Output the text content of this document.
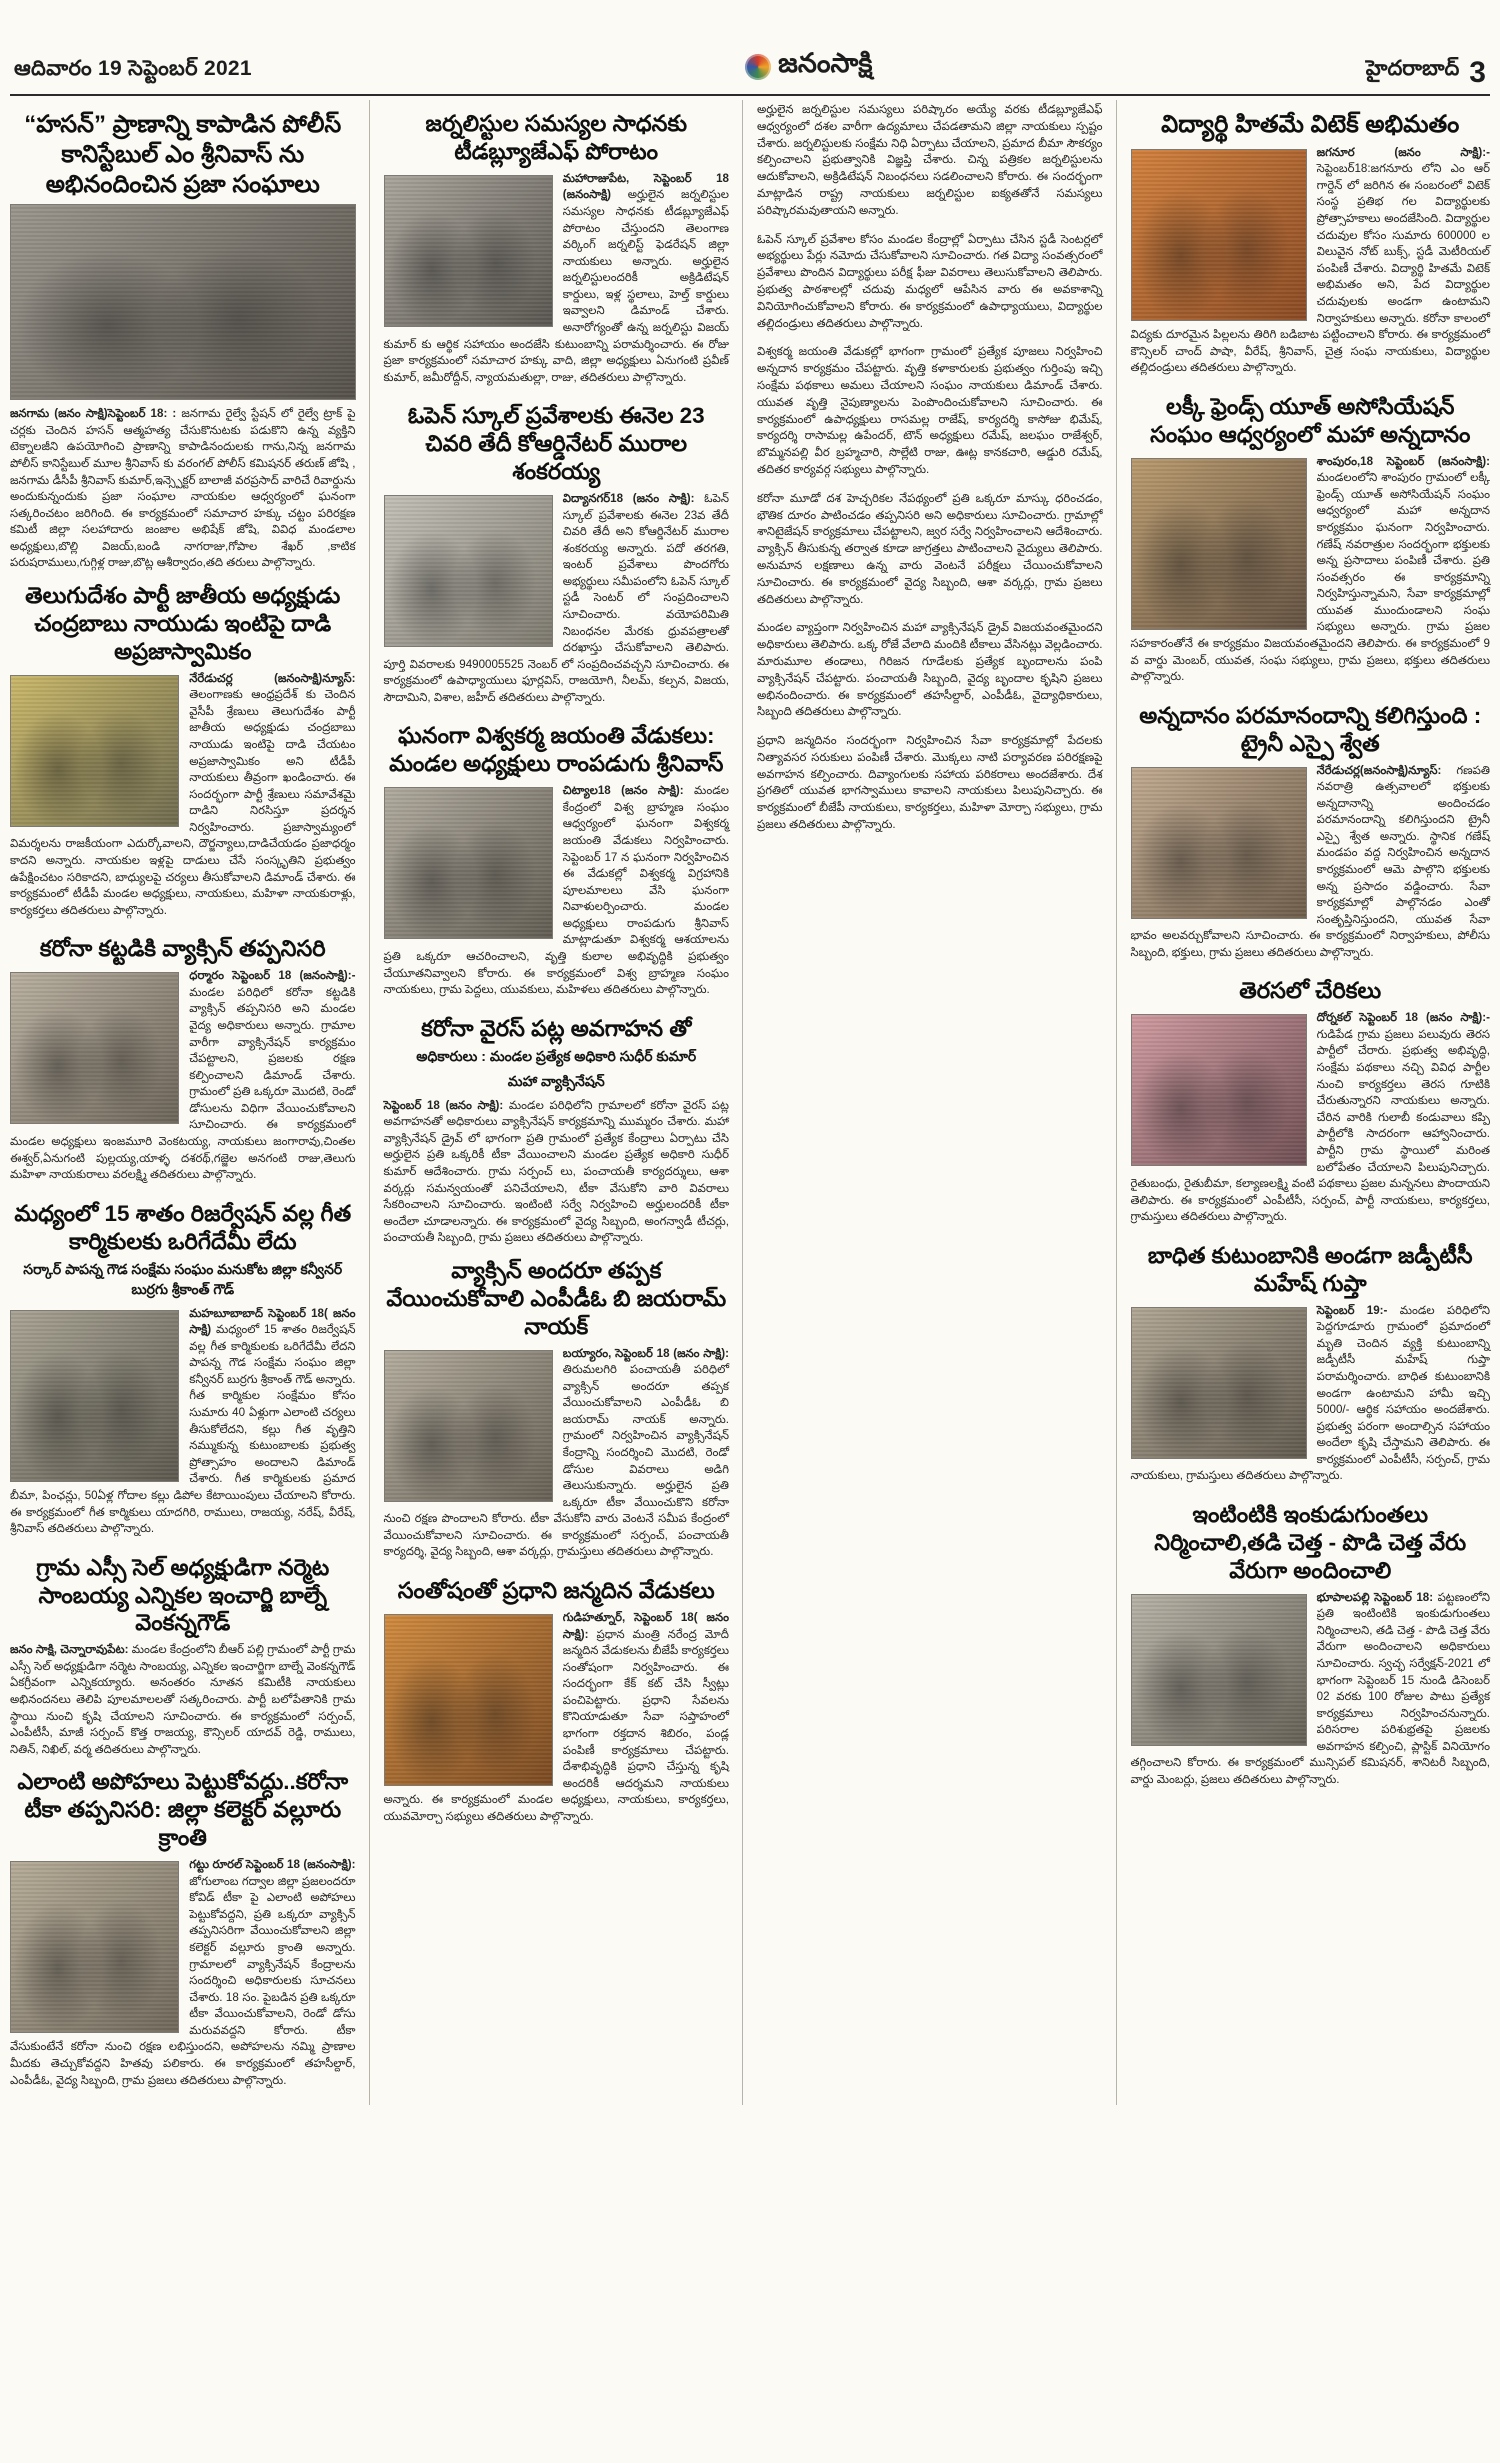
ఆదివారం 19 సెప్టెంబర్ 2021	జనంసాక్షి	హైదరాబాద్ 3
“హసన్” ప్రాణాన్ని కాపాడిన పోలీస్ కానిస్టేబుల్ ఎం శ్రీనివాస్ ను అభినందించిన ప్రజా సంఘాలు

జనగామ (జనం సాక్షి)సెప్టెంబర్ 18: : జనగామ రైల్వే స్టేషన్ లో రైల్వే ట్రాక్ పై చర్లకు చెందిన హసన్ ఆత్మహత్య చేసుకొనుటకు పడుకొని ఉన్న వ్యక్తిని టెక్నాలజీని ఉపయోగించి ప్రాణాన్ని కాపాడినందులకు గాను,నిన్న జనగామ పోలీస్ కానిస్టేబుల్ మూల శ్రీనివాస్ కు వరంగల్ పోలీస్ కమిషనర్ తరుణ్ జోషి , జనగామ డీసీపీ శ్రీనివాస్ కుమార్,ఇన్స్పెక్టర్ బాలాజీ వరప్రసాద్ వారిచే రివార్డును అందుకున్నందుకు ప్రజా సంఘాల నాయకుల ఆధ్వర్యంలో ఘనంగా సత్కరించటం జరిగింది. ఈ కార్యక్రమంలో సమాచార హక్కు చట్టం పరిరక్షణ కమిటీ జిల్లా సలహాదారు జంజాల అభిషేక్ జోషి, వివిధ మండలాల అధ్యక్షులు,బొల్లి విజయ్,బండి నాగరాజు,గోపాల శేఖర్ ,కాటిక పరుషరాములు,గుగ్గిళ్ల రాజు,బొట్ల ఆశీర్వాదం,తది తరులు పాల్గొన్నారు.

తెలుగుదేశం పార్టీ జాతీయ అధ్యక్షుడు చంద్రబాబు నాయుడు ఇంటిపై దాడి అప్రజాస్వామికం

నేరేడుచర్ల (జనంసాక్షి)న్యూస్: తెలంగాణకు ఆంధ్రప్రదేశ్ కు చెందిన వైసీపీ శ్రేణులు తెలుగుదేశం పార్టీ జాతీయ అధ్యక్షుడు చంద్రబాబు నాయుడు ఇంటిపై దాడి చేయటం అప్రజాస్వామికం అని టీడీపీ నాయకులు తీవ్రంగా ఖండించారు. ఈ సందర్భంగా పార్టీ శ్రేణులు సమావేశమై దాడిని నిరసిస్తూ ప్రదర్శన నిర్వహించారు. ప్రజాస్వామ్యంలో విమర్శలను రాజకీయంగా ఎదుర్కోవాలని, దౌర్జన్యాలు,దాడిచేయడం ప్రజాధర్మం కాదని అన్నారు. నాయకుల ఇళ్లపై దాడులు చేసే సంస్కృతిని ప్రభుత్వం ఉపేక్షించటం సరికాదని, బాధ్యులపై చర్యలు తీసుకోవాలని డిమాండ్ చేశారు. ఈ కార్యక్రమంలో టీడీపీ మండల అధ్యక్షులు, నాయకులు, మహిళా నాయకురాళ్లు, కార్యకర్తలు తదితరులు పాల్గొన్నారు.

కరోనా కట్టడికి వ్యాక్సిన్ తప్పనిసరి

ధర్మారం సెప్టెంబర్ 18 (జనంసాక్షి):- మండల పరిధిలో కరోనా కట్టడికి వ్యాక్సిన్ తప్పనిసరి అని మండల వైద్య అధికారులు అన్నారు. గ్రామాల వారీగా వ్యాక్సినేషన్ కార్యక్రమం చేపట్టాలని, ప్రజలకు రక్షణ కల్పించాలని డిమాండ్ చేశారు. గ్రామంలో ప్రతి ఒక్కరూ మొదటి, రెండో డోసులను విధిగా వేయించుకోవాలని సూచించారు. ఈ కార్యక్రమంలో మండల అధ్యక్షులు ఇంజమూరి వెంకటయ్య, నాయకులు జంగారావు,చింతల ఈశ్వర్,ఏనుగంటి పుల్లయ్య,యాళ్ళ దశరథ్,గజ్జెల అనగంటి రాజు,తెలుగు మహిళా నాయకురాలు వరలక్ష్మి తదితరులు పాల్గొన్నారు.

మధ్యంలో 15 శాతం రిజర్వేషన్ వల్ల గీత కార్మికులకు ఒరిగేదేమీ లేదు
సర్కార్ పాపన్న గౌడ సంక్షేమ సంఘం మనుకోట జిల్లా కన్వీనర్ బుర్రగు శ్రీకాంత్ గౌడ్

మహబూబాబాద్ సెప్టెంబర్ 18( జనం సాక్షి) మధ్యంలో 15 శాతం రిజర్వేషన్ వల్ల గీత కార్మికులకు ఒరిగేదేమీ లేదని పాపన్న గౌడ సంక్షేమ సంఘం జిల్లా కన్వీనర్ బుర్రగు శ్రీకాంత్ గౌడ్ అన్నారు. గీత కార్మికుల సంక్షేమం కోసం సుమారు 40 ఏళ్లుగా ఎలాంటి చర్యలు తీసుకోలేదని, కల్లు గీత వృత్తిని నమ్ముకున్న కుటుంబాలకు ప్రభుత్వ ప్రోత్సాహం అందాలని డిమాండ్ చేశారు. గీత కార్మికులకు ప్రమాద బీమా, పింఛన్లు, 50ఏళ్ల గోదాల కల్లు డిపోల కేటాయింపులు చేయాలని కోరారు. ఈ కార్యక్రమంలో గీత కార్మికులు యాదగిరి, రాములు, రాజయ్య, నరేష్, వీరేష్, శ్రీనివాస్ తదితరులు పాల్గొన్నారు.

గ్రామ ఎస్సీ సెల్ అధ్యక్షుడిగా నర్మెట సాంబయ్య ఎన్నికల ఇంచార్జి బాల్నే వెంకన్నగౌడ్

జనం సాక్షి, చెన్నారావుపేట: మండల కేంద్రంలోని బీఆర్ పల్లి గ్రామంలో పార్టీ గ్రామ ఎస్సీ సెల్ అధ్యక్షుడిగా నర్మెట సాంబయ్య, ఎన్నికల ఇంచార్జిగా బాల్నే వెంకన్నగౌడ్ ఏకగ్రీవంగా ఎన్నికయ్యారు. అనంతరం నూతన కమిటీకి నాయకులు అభినందనలు తెలిపి పూలమాలలతో సత్కరించారు. పార్టీ బలోపేతానికి గ్రామ స్థాయి నుంచి కృషి చేయాలని సూచించారు. ఈ కార్యక్రమంలో సర్పంచ్, ఎంపీటీసీ, మాజీ సర్పంచ్ కొత్త రాజయ్య, కౌన్సిలర్ యాదవ్ రెడ్డి, రాములు, నితిన్, నిఖిల్, వర్మ తదితరులు పాల్గొన్నారు.

ఎలాంటి అపోహలు పెట్టుకోవద్దు..కరోనా టీకా తప్పనిసరి: జిల్లా కలెక్టర్ వల్లూరు క్రాంతి

గట్టు రూరల్ సెప్టెంబర్ 18 (జనంసాక్షి): జోగులాంబ గద్వాల జిల్లా ప్రజలందరూ కోవిడ్ టీకా పై ఎలాంటి అపోహలు పెట్టుకోవద్దని, ప్రతి ఒక్కరూ వ్యాక్సిన్ తప్పనిసరిగా వేయించుకోవాలని జిల్లా కలెక్టర్ వల్లూరు క్రాంతి అన్నారు. గ్రామాలలో వ్యాక్సినేషన్ కేంద్రాలను సందర్శించి అధికారులకు సూచనలు చేశారు. 18 సం. పైబడిన ప్రతి ఒక్కరూ టీకా వేయించుకోవాలని, రెండో డోసు మరువవద్దని కోరారు. టీకా వేసుకుంటేనే కరోనా నుంచి రక్షణ లభిస్తుందని, అపోహలను నమ్మి ప్రాణాల మీదకు తెచ్చుకోవద్దని హితవు పలికారు. ఈ కార్యక్రమంలో తహసీల్దార్, ఎంపీడీఓ, వైద్య సిబ్బంది, గ్రామ ప్రజలు తదితరులు పాల్గొన్నారు.

జర్నలిస్టుల సమస్యల సాధనకు టీడబ్ల్యూజేఎఫ్ పోరాటం

మహారాజుపేట, సెప్టెంబర్ 18 (జనంసాక్షి) అర్హులైన జర్నలిస్టుల సమస్యల సాధనకు టీడబ్ల్యూజేఎఫ్ పోరాటం చేస్తుందని తెలంగాణ వర్కింగ్ జర్నలిస్ట్ ఫెడరేషన్ జిల్లా నాయకులు అన్నారు. అర్హులైన జర్నలిస్టులందరికీ అక్రిడిటేషన్ కార్డులు, ఇళ్ల స్థలాలు, హెల్త్ కార్డులు ఇవ్వాలని డిమాండ్ చేశారు. అనారోగ్యంతో ఉన్న జర్నలిస్టు విజయ్ కుమార్ కు ఆర్థిక సహాయం అందజేసి కుటుంబాన్ని పరామర్శించారు. ఈ రోజు ప్రజా కార్యక్రమంలో సమాచార హక్కు వాది, జిల్లా అధ్యక్షులు ఏనుగంటి ప్రవీణ్ కుమార్, జమీరోద్దీన్, న్యాయమతుల్లా, రాజు, తదితరులు పాల్గొన్నారు.

ఓపెన్ స్కూల్ ప్రవేశాలకు ఈనెల 23 చివరి తేదీ కోఆర్డినేటర్ మురాల శంకరయ్య

విద్యానగర్18 (జనం సాక్షి): ఓపెన్ స్కూల్ ప్రవేశాలకు ఈనెల 23వ తేదీ చివరి తేదీ అని కోఆర్డినేటర్ మురాల శంకరయ్య అన్నారు. పదో తరగతి, ఇంటర్ ప్రవేశాలు పొందగోరు అభ్యర్థులు సమీపంలోని ఓపెన్ స్కూల్ స్టడీ సెంటర్ లో సంప్రదించాలని సూచించారు. వయోపరిమితి నిబంధనల మేరకు ధ్రువపత్రాలతో దరఖాస్తు చేసుకోవాలని తెలిపారు. పూర్తి వివరాలకు 9490005525 నెంబర్ లో సంప్రదించవచ్చని సూచించారు. ఈ కార్యక్రమంలో ఉపాధ్యాయులు ఫూర్లవిస్, రాజయోగి, నీలమ్, కల్పన, విజయ, సౌదామిని, విశాల, జహీద్ తదితరులు పాల్గొన్నారు.

ఘనంగా విశ్వకర్మ జయంతి వేడుకలు: మండల అధ్యక్షులు రాంపడుగు శ్రీనివాస్

చిట్యాల18 (జనం సాక్షి): మండల కేంద్రంలో విశ్వ బ్రాహ్మణ సంఘం ఆధ్వర్యంలో ఘనంగా విశ్వకర్మ జయంతి వేడుకలు నిర్వహించారు. సెప్టెంబర్ 17 న ఘనంగా నిర్వహించిన ఈ వేడుకల్లో విశ్వకర్మ విగ్రహానికి పూలమాలలు వేసి ఘనంగా నివాళులర్పించారు. మండల అధ్యక్షులు రాంపడుగు శ్రీనివాస్ మాట్లాడుతూ విశ్వకర్మ ఆశయాలను ప్రతి ఒక్కరూ ఆచరించాలని, వృత్తి కులాల అభివృద్ధికి ప్రభుత్వం చేయూతనివ్వాలని కోరారు. ఈ కార్యక్రమంలో విశ్వ బ్రాహ్మణ సంఘం నాయకులు, గ్రామ పెద్దలు, యువకులు, మహిళలు తదితరులు పాల్గొన్నారు.

కరోనా వైరస్ పట్ల అవగాహన తో
అధికారులు : మండల ప్రత్యేక అధికారి సుధీర్ కుమార్
మహా వ్యాక్సినేషన్

సెప్టెంబర్ 18 (జనం సాక్షి): మండల పరిధిలోని గ్రామాలలో కరోనా వైరస్ పట్ల అవగాహనతో అధికారులు వ్యాక్సినేషన్ కార్యక్రమాన్ని ముమ్మరం చేశారు. మహా వ్యాక్సినేషన్ డ్రైవ్ లో భాగంగా ప్రతి గ్రామంలో ప్రత్యేక కేంద్రాలు ఏర్పాటు చేసి అర్హులైన ప్రతి ఒక్కరికీ టీకా వేయించాలని మండల ప్రత్యేక అధికారి సుధీర్ కుమార్ ఆదేశించారు. గ్రామ సర్పంచ్ లు, పంచాయతీ కార్యదర్శులు, ఆశా వర్కర్లు సమన్వయంతో పనిచేయాలని, టీకా వేసుకోని వారి వివరాలు సేకరించాలని సూచించారు. ఇంటింటి సర్వే నిర్వహించి అర్హులందరికీ టీకా అందేలా చూడాలన్నారు. ఈ కార్యక్రమంలో వైద్య సిబ్బంది, అంగన్వాడీ టీచర్లు, పంచాయతీ సిబ్బంది, గ్రామ ప్రజలు తదితరులు పాల్గొన్నారు.

వ్యాక్సిన్ అందరూ తప్పక వేయించుకోవాలి ఎంపీడీఓ బి జయరామ్ నాయక్

బయ్యారం, సెప్టెంబర్ 18 (జనం సాక్షి): తిరుమలగిరి పంచాయతీ పరిధిలో వ్యాక్సిన్ అందరూ తప్పక వేయించుకోవాలని ఎంపీడీఓ బి జయరామ్ నాయక్ అన్నారు. గ్రామంలో నిర్వహించిన వ్యాక్సినేషన్ కేంద్రాన్ని సందర్శించి మొదటి, రెండో డోసుల వివరాలు అడిగి తెలుసుకున్నారు. అర్హులైన ప్రతి ఒక్కరూ టీకా వేయించుకొని కరోనా నుంచి రక్షణ పొందాలని కోరారు. టీకా వేసుకోని వారు వెంటనే సమీప కేంద్రంలో వేయించుకోవాలని సూచించారు. ఈ కార్యక్రమంలో సర్పంచ్, పంచాయతీ కార్యదర్శి, వైద్య సిబ్బంది, ఆశా వర్కర్లు, గ్రామస్తులు తదితరులు పాల్గొన్నారు.

సంతోషంతో ప్రధాని జన్మదిన వేడుకలు

గుడిహత్నూర్, సెప్టెంబర్ 18( జనం సాక్షి): ప్రధాన మంత్రి నరేంద్ర మోదీ జన్మదిన వేడుకలను బీజేపీ కార్యకర్తలు సంతోషంగా నిర్వహించారు. ఈ సందర్భంగా కేక్ కట్ చేసి స్వీట్లు పంచిపెట్టారు. ప్రధాని సేవలను కొనియాడుతూ సేవా సప్తాహంలో భాగంగా రక్తదాన శిబిరం, పండ్ల పంపిణీ కార్యక్రమాలు చేపట్టారు. దేశాభివృద్ధికి ప్రధాని చేస్తున్న కృషి అందరికీ ఆదర్శమని నాయకులు అన్నారు. ఈ కార్యక్రమంలో మండల అధ్యక్షులు, నాయకులు, కార్యకర్తలు, యువమోర్చా సభ్యులు తదితరులు పాల్గొన్నారు.

అర్హులైన జర్నలిస్టుల సమస్యలు పరిష్కారం అయ్యే వరకు టీడబ్ల్యూజేఎఫ్ ఆధ్వర్యంలో దశల వారీగా ఉద్యమాలు చేపడతామని జిల్లా నాయకులు స్పష్టం చేశారు. జర్నలిస్టులకు సంక్షేమ నిధి ఏర్పాటు చేయాలని, ప్రమాద బీమా సౌకర్యం కల్పించాలని ప్రభుత్వానికి విజ్ఞప్తి చేశారు. చిన్న పత్రికల జర్నలిస్టులను ఆదుకోవాలని, అక్రిడిటేషన్ నిబంధనలు సడలించాలని కోరారు. ఈ సందర్భంగా మాట్లాడిన రాష్ట్ర నాయకులు జర్నలిస్టుల ఐక్యతతోనే సమస్యలు పరిష్కారమవుతాయని అన్నారు.

ఓపెన్ స్కూల్ ప్రవేశాల కోసం మండల కేంద్రాల్లో ఏర్పాటు చేసిన స్టడీ సెంటర్లలో అభ్యర్థులు పేర్లు నమోదు చేసుకోవాలని సూచించారు. గత విద్యా సంవత్సరంలో ప్రవేశాలు పొందిన విద్యార్థులు పరీక్ష ఫీజు వివరాలు తెలుసుకోవాలని తెలిపారు. ప్రభుత్వ పాఠశాలల్లో చదువు మధ్యలో ఆపేసిన వారు ఈ అవకాశాన్ని వినియోగించుకోవాలని కోరారు. ఈ కార్యక్రమంలో ఉపాధ్యాయులు, విద్యార్థుల తల్లిదండ్రులు తదితరులు పాల్గొన్నారు.

విశ్వకర్మ జయంతి వేడుకల్లో భాగంగా గ్రామంలో ప్రత్యేక పూజలు నిర్వహించి అన్నదాన కార్యక్రమం చేపట్టారు. వృత్తి కళాకారులకు ప్రభుత్వం గుర్తింపు ఇచ్చి సంక్షేమ పథకాలు అమలు చేయాలని సంఘం నాయకులు డిమాండ్ చేశారు. యువత వృత్తి నైపుణ్యాలను పెంపొందించుకోవాలని సూచించారు. ఈ కార్యక్రమంలో ఉపాధ్యక్షులు రాసమల్ల రాజేష్, కార్యదర్శి కాసోజు భిమేష్, కార్యదర్శి రాసామల్ల ఉపేందర్, టౌన్ అధ్యక్షులు రమేష్, జలఘం రాజేశ్వర్, బొమ్మనపల్లి వీర బ్రహ్మచారి, సొల్లేటి రాజు, ఊట్ల కానకచారి, ఆడ్డురి రమేష్, తదితర కార్యవర్గ సభ్యులు పాల్గొన్నారు.

కరోనా మూడో దశ హెచ్చరికల నేపథ్యంలో ప్రతి ఒక్కరూ మాస్కు ధరించడం, భౌతిక దూరం పాటించడం తప్పనిసరి అని అధికారులు సూచించారు. గ్రామాల్లో శానిటైజేషన్ కార్యక్రమాలు చేపట్టాలని, జ్వర సర్వే నిర్వహించాలని ఆదేశించారు. వ్యాక్సిన్ తీసుకున్న తర్వాత కూడా జాగ్రత్తలు పాటించాలని వైద్యులు తెలిపారు. అనుమాన లక్షణాలు ఉన్న వారు వెంటనే పరీక్షలు చేయించుకోవాలని సూచించారు. ఈ కార్యక్రమంలో వైద్య సిబ్బంది, ఆశా వర్కర్లు, గ్రామ ప్రజలు తదితరులు పాల్గొన్నారు.

మండల వ్యాప్తంగా నిర్వహించిన మహా వ్యాక్సినేషన్ డ్రైవ్ విజయవంతమైందని అధికారులు తెలిపారు. ఒక్క రోజే వేలాది మందికి టీకాలు వేసినట్లు వెల్లడించారు. మారుమూల తండాలు, గిరిజన గూడేలకు ప్రత్యేక బృందాలను పంపి వ్యాక్సినేషన్ చేపట్టారు. పంచాయతీ సిబ్బంది, వైద్య బృందాల కృషిని ప్రజలు అభినందించారు. ఈ కార్యక్రమంలో తహసీల్దార్, ఎంపీడీఓ, వైద్యాధికారులు, సిబ్బంది తదితరులు పాల్గొన్నారు.

ప్రధాని జన్మదినం సందర్భంగా నిర్వహించిన సేవా కార్యక్రమాల్లో పేదలకు నిత్యావసర సరుకులు పంపిణీ చేశారు. మొక్కలు నాటి పర్యావరణ పరిరక్షణపై అవగాహన కల్పించారు. దివ్యాంగులకు సహాయ పరికరాలు అందజేశారు. దేశ ప్రగతిలో యువత భాగస్వాములు కావాలని నాయకులు పిలుపునిచ్చారు. ఈ కార్యక్రమంలో బీజేపీ నాయకులు, కార్యకర్తలు, మహిళా మోర్చా సభ్యులు, గ్రామ ప్రజలు తదితరులు పాల్గొన్నారు.

విద్యార్థి హితమే విటెక్ అభిమతం

జగనూర (జనం సాక్షి):- సెప్టెంబర్18:జగనూరు లోని ఎం ఆర్ గార్డెన్ లో జరిగిన ఈ సంబరంలో విటెక్ సంస్థ ప్రతిభ గల విద్యార్థులకు ప్రోత్సాహకాలు అందజేసింది. విద్యార్థుల చదువుల కోసం సుమారు 600000 ల విలువైన నోట్ బుక్స్, స్టడీ మెటీరియల్ పంపిణీ చేశారు. విద్యార్థి హితమే విటెక్ అభిమతం అని, పేద విద్యార్థుల చదువులకు అండగా ఉంటామని నిర్వాహకులు అన్నారు. కరోనా కాలంలో విద్యకు దూరమైన పిల్లలను తిరిగి బడిబాట పట్టించాలని కోరారు. ఈ కార్యక్రమంలో కౌన్సిలర్ చాంద్ పాషా, వీరేష్, శ్రీనివాస్, చైత్ర సంఘ నాయకులు, విద్యార్థుల తల్లిదండ్రులు తదితరులు పాల్గొన్నారు.

లక్కీ ఫ్రెండ్స్ యూత్ అసోసియేషన్ సంఘం ఆధ్వర్యంలో మహా అన్నదానం

శాంపురం,18 సెప్టెంబర్ (జనంసాక్షి): మండలంలోని శాంపురం గ్రామంలో లక్కీ ఫ్రెండ్స్ యూత్ అసోసియేషన్ సంఘం ఆధ్వర్యంలో మహా అన్నదాన కార్యక్రమం ఘనంగా నిర్వహించారు. గణేష్ నవరాత్రుల సందర్భంగా భక్తులకు అన్న ప్రసాదాలు పంపిణీ చేశారు. ప్రతి సంవత్సరం ఈ కార్యక్రమాన్ని నిర్వహిస్తున్నామని, సేవా కార్యక్రమాల్లో యువత ముందుండాలని సంఘ సభ్యులు అన్నారు. గ్రామ ప్రజల సహకారంతోనే ఈ కార్యక్రమం విజయవంతమైందని తెలిపారు. ఈ కార్యక్రమంలో 9 వ వార్డు మెంబర్, యువత, సంఘ సభ్యులు, గ్రామ ప్రజలు, భక్తులు తదితరులు పాల్గొన్నారు.

అన్నదానం పరమానందాన్ని కలిగిస్తుంది : ట్రైనీ ఎస్పై శ్వేత

నేరేడుచర్ల(జనంసాక్షి)న్యూస్: గణపతి నవరాత్రి ఉత్సవాలలో భక్తులకు అన్నదానాన్ని అందించడం పరమానందాన్ని కలిగిస్తుందని ట్రైనీ ఎస్పై శ్వేత అన్నారు. స్థానిక గణేష్ మండపం వద్ద నిర్వహించిన అన్నదాన కార్యక్రమంలో ఆమె పాల్గొని భక్తులకు అన్న ప్రసాదం వడ్డించారు. సేవా కార్యక్రమాల్లో పాల్గొనడం ఎంతో సంతృప్తినిస్తుందని, యువత సేవా భావం అలవర్చుకోవాలని సూచించారు. ఈ కార్యక్రమంలో నిర్వాహకులు, పోలీసు సిబ్బంది, భక్తులు, గ్రామ ప్రజలు తదితరులు పాల్గొన్నారు.

తెరసలో చేరికలు

దోర్నకల్ సెప్టెంబర్ 18 (జనం సాక్షి):- గుడిపేడ గ్రామ ప్రజలు పలువురు తెరస పార్టీలో చేరారు. ప్రభుత్వ అభివృద్ధి, సంక్షేమ పథకాలు నచ్చి వివిధ పార్టీల నుంచి కార్యకర్తలు తెరస గూటికి చేరుతున్నారని నాయకులు అన్నారు. చేరిన వారికి గులాబీ కండువాలు కప్పి పార్టీలోకి సాదరంగా ఆహ్వానించారు. పార్టీని గ్రామ స్థాయిలో మరింత బలోపేతం చేయాలని పిలుపునిచ్చారు. రైతుబంధు, రైతుబీమా, కల్యాణలక్ష్మి వంటి పథకాలు ప్రజల మన్ననలు పొందాయని తెలిపారు. ఈ కార్యక్రమంలో ఎంపీటీసీ, సర్పంచ్, పార్టీ నాయకులు, కార్యకర్తలు, గ్రామస్తులు తదితరులు పాల్గొన్నారు.

బాధిత కుటుంబానికి అండగా జడ్పీటీసీ మహేష్ గుప్తా

సెప్టెంబర్ 19:- మండల పరిధిలోని పెద్దగూడూరు గ్రామంలో ప్రమాదంలో మృతి చెందిన వ్యక్తి కుటుంబాన్ని జడ్పీటీసీ మహేష్ గుప్తా పరామర్శించారు. బాధిత కుటుంబానికి అండగా ఉంటామని హామీ ఇచ్చి 5000/- ఆర్థిక సహాయం అందజేశారు. ప్రభుత్వ పరంగా అందాల్సిన సహాయం అందేలా కృషి చేస్తామని తెలిపారు. ఈ కార్యక్రమంలో ఎంపీటీసీ, సర్పంచ్, గ్రామ నాయకులు, గ్రామస్తులు తదితరులు పాల్గొన్నారు.

ఇంటింటికి ఇంకుడుగుంతలు నిర్మించాలి,తడి చెత్త - పొడి చెత్త వేరు వేరుగా అందించాలి

భూపాలపల్లి సెప్టెంబర్ 18: పట్టణంలోని ప్రతి ఇంటింటికి ఇంకుడుగుంతలు నిర్మించాలని, తడి చెత్త - పొడి చెత్త వేరు వేరుగా అందించాలని అధికారులు సూచించారు. స్వచ్ఛ సర్వేక్షన్-2021 లో భాగంగా సెప్టెంబర్ 15 నుండి డిసెంబర్ 02 వరకు 100 రోజుల పాటు ప్రత్యేక కార్యక్రమాలు నిర్వహించనున్నారు. పరిసరాల పరిశుభ్రతపై ప్రజలకు అవగాహన కల్పించి, ప్లాస్టిక్ వినియోగం తగ్గించాలని కోరారు. ఈ కార్యక్రమంలో మున్సిపల్ కమిషనర్, శానిటరీ సిబ్బంది, వార్డు మెంబర్లు, ప్రజలు తదితరులు పాల్గొన్నారు.
